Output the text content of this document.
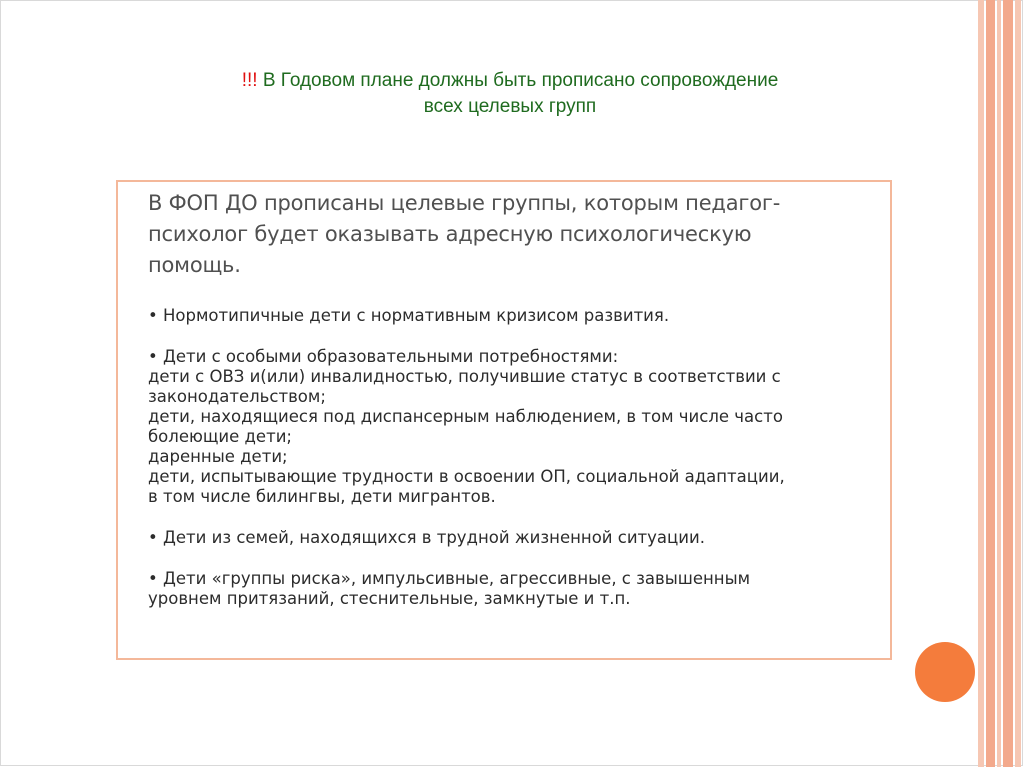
!!! В Годовом плане должны быть прописано сопровождение
всех целевых групп
В ФОП ДО прописаны целевые группы, которым педагог-
психолог будет оказывать адресную психологическую
помощь.
• Нормотипичные дети с нормативным кризисом развития.
• Дети с особыми образовательными потребностями:
дети с ОВЗ и(или) инвалидностью, получившие статус в соответствии с
законодательством;
дети, находящиеся под диспансерным наблюдением, в том числе часто
болеющие дети;
даренные дети;
дети, испытывающие трудности в освоении ОП, социальной адаптации,
в том числе билингвы, дети мигрантов.
• Дети из семей, находящихся в трудной жизненной ситуации.
• Дети «группы риска», импульсивные, агрессивные, с завышенным
уровнем притязаний, стеснительные, замкнутые и т.п.
